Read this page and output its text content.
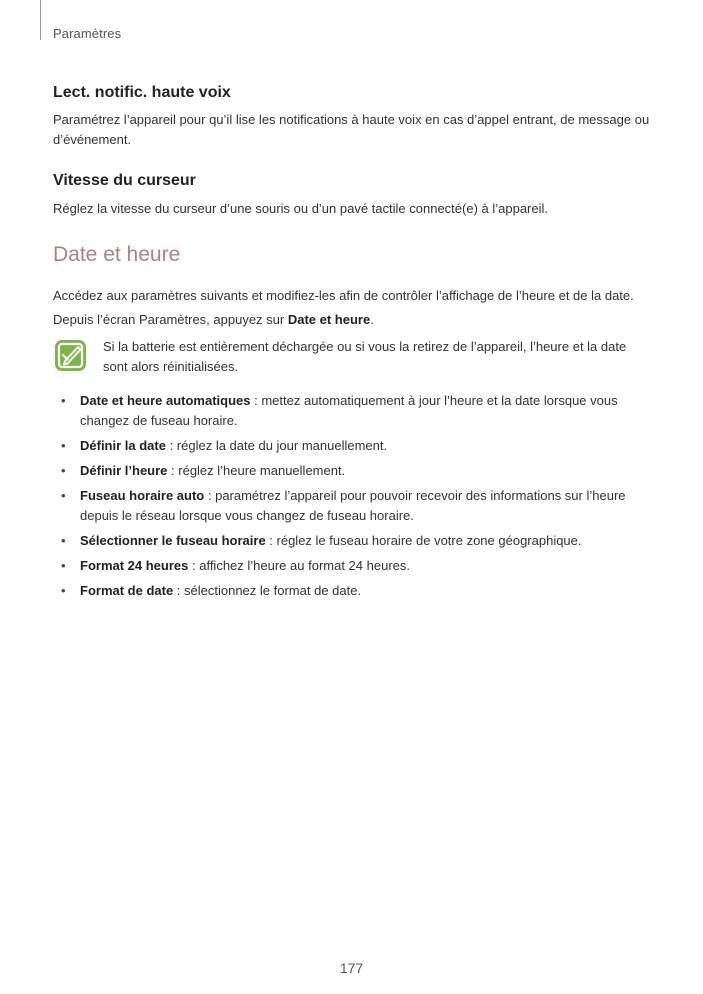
Paramètres
Lect. notific. haute voix

Paramétrez l’appareil pour qu’il lise les notifications à haute voix en cas d’appel entrant, de message ou d’événement.

Vitesse du curseur

Réglez la vitesse du curseur d’une souris ou d’un pavé tactile connecté(e) à l’appareil.

Date et heure

Accédez aux paramètres suivants et modifiez-les afin de contrôler l’affichage de l’heure et de la date.

Depuis l’écran Paramètres, appuyez sur Date et heure.

Si la batterie est entièrement déchargée ou si vous la retirez de l’appareil, l’heure et la date sont alors réinitialisées.

• Date et heure automatiques : mettez automatiquement à jour l’heure et la date lorsque vous changez de fuseau horaire.
• Définir la date : réglez la date du jour manuellement.
• Définir l’heure : réglez l’heure manuellement.
• Fuseau horaire auto : paramétrez l’appareil pour pouvoir recevoir des informations sur l’heure depuis le réseau lorsque vous changez de fuseau horaire.
• Sélectionner le fuseau horaire : réglez le fuseau horaire de votre zone géographique.
• Format 24 heures : affichez l’heure au format 24 heures.
• Format de date : sélectionnez le format de date.
177
